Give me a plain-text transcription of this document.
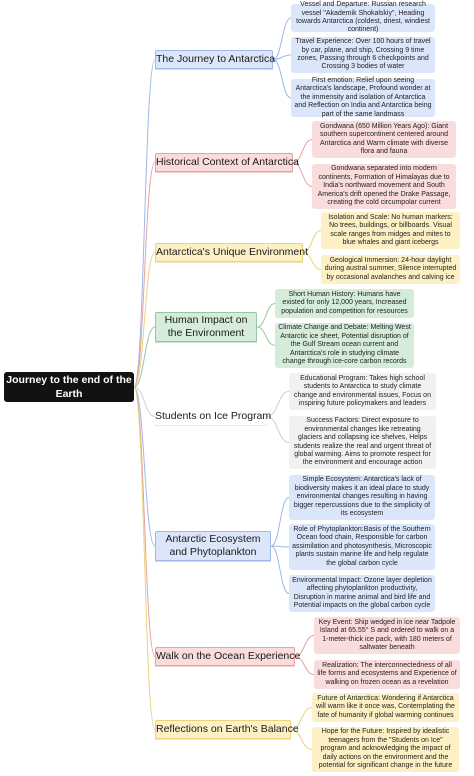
Journey to the end of the Earth
The Journey to Antarctica
Vessel and Departure: Russian research vessel "Akademik Shokalskiy", Heading towards Antarctica (coldest, driest, windiest continent)
Travel Experience: Over 100 hours of travel by car, plane, and ship, Crossing 9 time zones, Passing through 6 checkpoints and Crossing 3 bodies of water
First emotion: Relief upon seeing Antarctica's landscape, Profound wonder at the immensity and isolation of Antarctica and Reflection on India and Antarctica being part of the same landmass
Historical Context of Antarctica
Gondwana (650 Million Years Ago): Giant southern supercontinent centered around Antarctica and Warm climate with diverse flora and fauna
Gondwana separated into modern continents, Formation of Himalayas due to India's northward movement and South America's drift opened the Drake Passage, creating the cold circumpolar current
Antarctica's Unique Environment
Isolation and Scale: No human markers: No trees, buildings, or billboards. Visual scale ranges from midges and mites to blue whales and giant icebergs
Geological Immersion: 24-hour daylight during austral summer, Silence interrupted by occasional avalanches and calving ice
Human Impact on the Environment
Short Human History: Humans have existed for only 12,000 years, Increased population and competition for resources
Climate Change and Debate: Melting West Antarctic ice sheet, Potential disruption of the Gulf Stream ocean current and Antarctica's role in studying climate change through ice-core carbon records
Students on Ice Program
Educational Program: Takes high school students to Antarctica to study climate change and environmental issues, Focus on inspiring future policymakers and leaders
Success Factors: Direct exposure to environmental changes like retreating glaciers and collapsing ice shelves, Helps students realize the real and urgent threat of global warming. Aims to promote respect for the environment and encourage action
Antarctic Ecosystem and Phytoplankton
Simple Ecosystem: Antarctica's lack of biodiversity makes it an ideal place to study environmental changes resulting in having bigger repercussions due to the simplicity of its ecosystem
Role of Phytoplankton:Basis of the Southern Ocean food chain, Responsible for carbon assimilation and photosynthesis, Microscopic plants sustain marine life and help regulate the global carbon cycle
Environmental Impact: Ozone layer depletion affecting phytoplankton productivity, Disruption in marine animal and bird life and Potential impacts on the global carbon cycle
Walk on the Ocean Experience
Key Event: Ship wedged in ice near Tadpole Island at 65.55° S and ordered to walk on a 1-meter-thick ice pack, with 180 meters of saltwater beneath
Realization: The interconnectedness of all life forms and ecosystems and Experience of walking on frozen ocean as a revelation
Reflections on Earth's Balance
Future of Antarctica: Wondering if Antarctica will warm like it once was, Contemplating the fate of humanity if global warming continues
Hope for the Future: Inspired by idealistic teenagers from the "Students on Ice" program and acknowledging the impact of daily actions on the environment and the potential for significant change in the future
